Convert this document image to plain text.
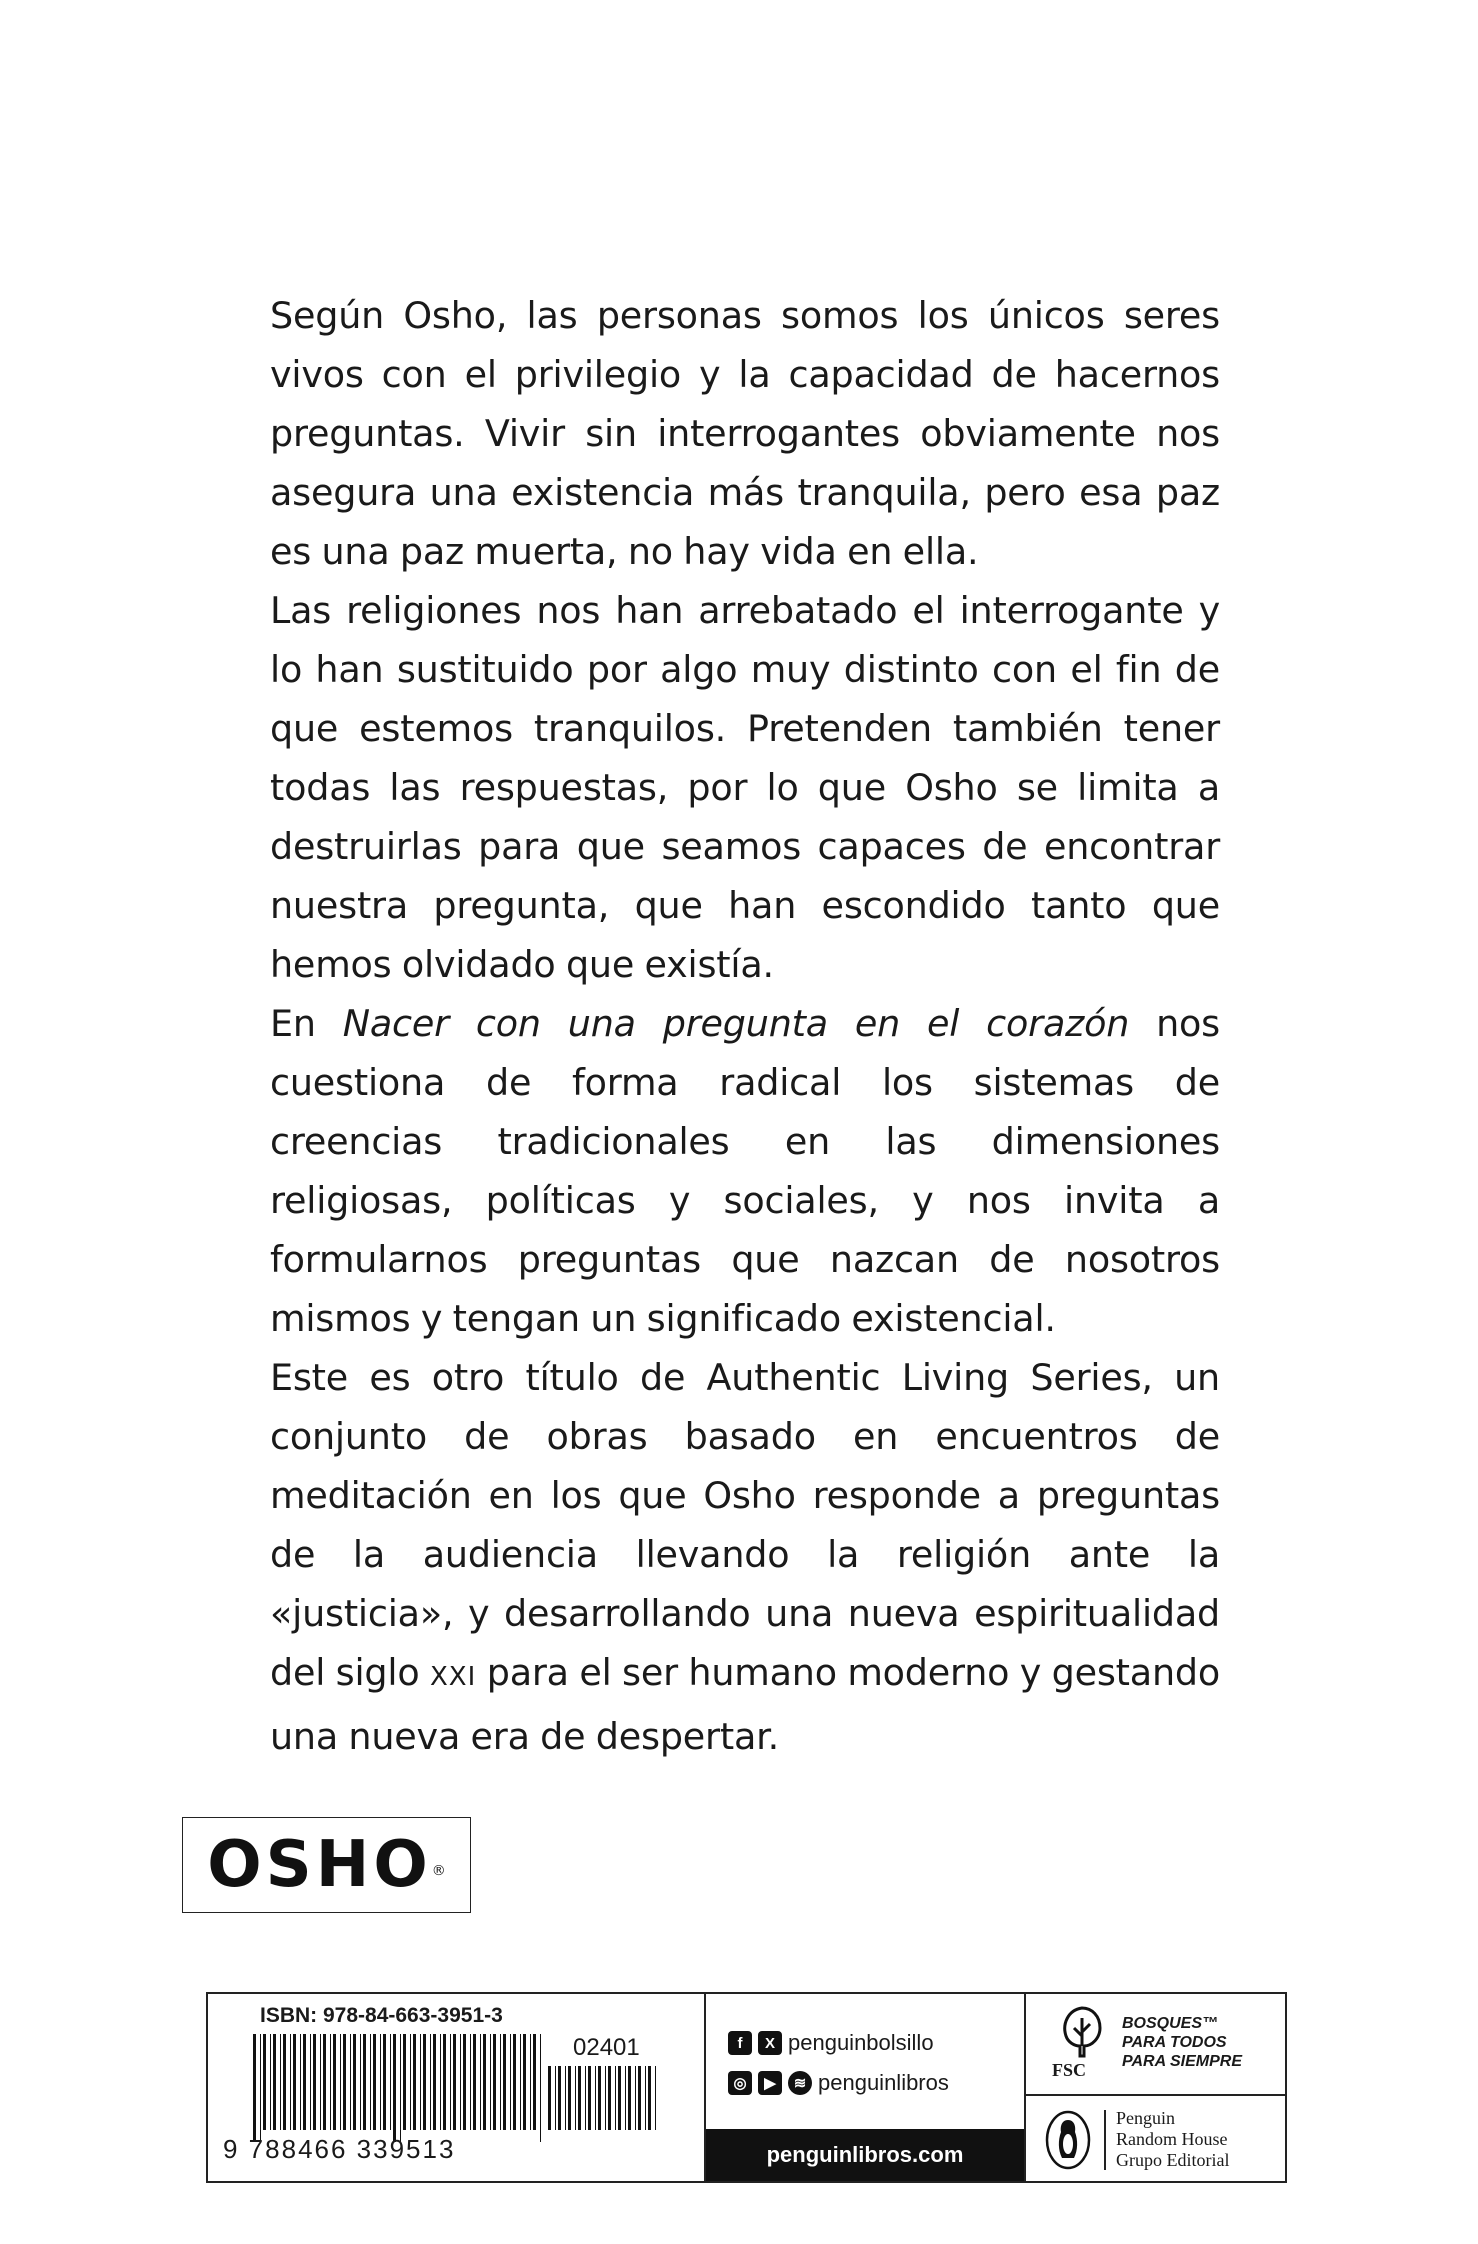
Según Osho, las personas somos los únicos seres vivos con el privilegio y la capacidad de hacernos preguntas. Vivir sin interrogantes obviamente nos asegura una existencia más tranquila, pero esa paz es una paz muerta, no hay vida en ella.

Las religiones nos han arrebatado el interrogante y lo han sustituido por algo muy distinto con el fin de que estemos tranquilos. Pretenden también tener todas las respuestas, por lo que Osho se limita a destruirlas para que seamos capaces de encontrar nuestra pregunta, que han escondido tanto que hemos olvidado que existía.

En Nacer con una pregunta en el corazón nos cuestiona de forma radical los sistemas de creencias tradicionales en las dimensiones religiosas, políticas y sociales, y nos invita a formularnos preguntas que nazcan de nosotros mismos y tengan un significado existencial.

Este es otro título de Authentic Living Series, un conjunto de obras basado en encuentros de meditación en los que Osho responde a preguntas de la audiencia llevando la religión ante la «justicia», y desarrollando una nueva espiritualidad del siglo XXI para el ser humano moderno y gestando una nueva era de despertar.

OSHO ®
ISBN: 978-84-663-3951-3
02401
9 788466 339513
f	X penguinbolsillo
◎	▶	≋ penguinlibros
penguinlibros.com
FSC
BOSQUES™
PARA TODOS
PARA SIEMPRE
Penguin
Random House
Grupo Editorial
